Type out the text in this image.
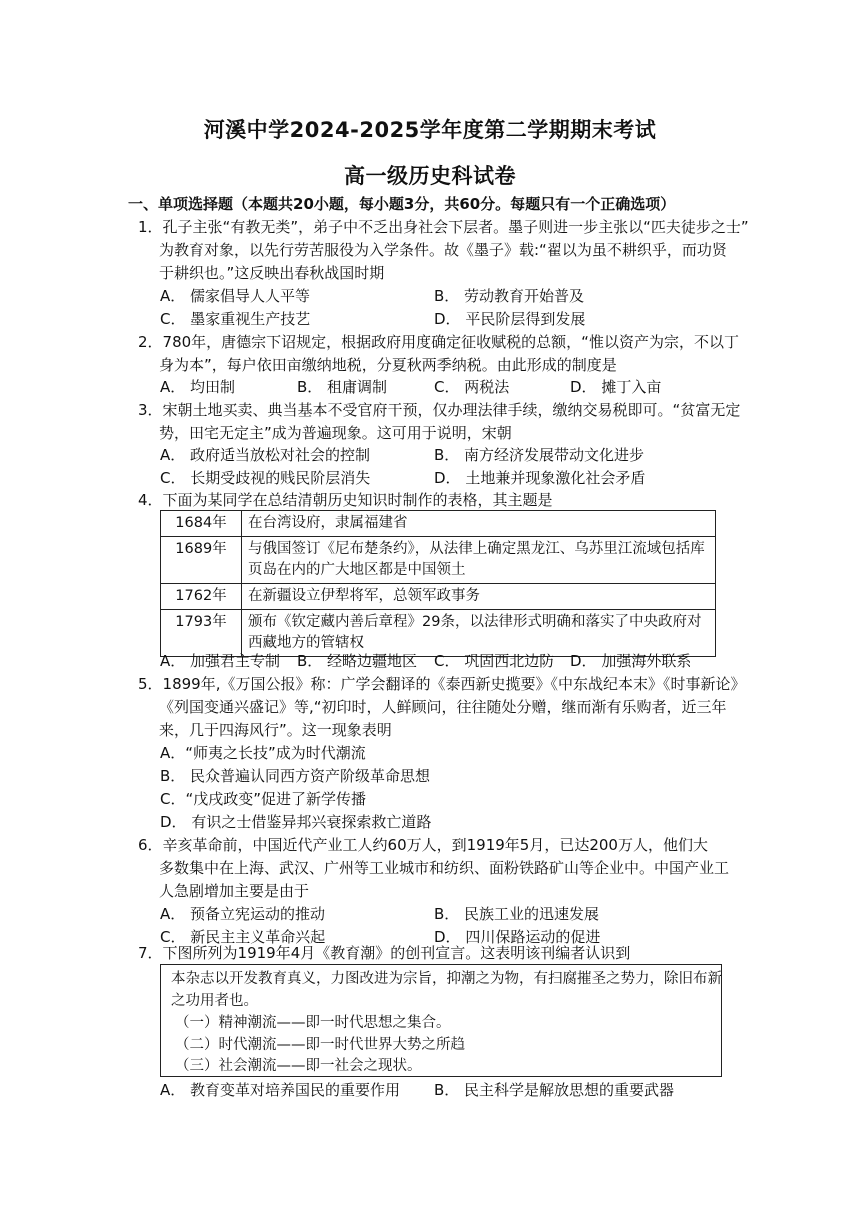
河溪中学2024-2025学年度第二学期期末考试
高一级历史科试卷
一、单项选择题（本题共20小题，每小题3分，共60分。每题只有一个正确选项）
1．孔子主张“有教无类”，弟子中不乏出身社会下层者。墨子则进一步主张以“匹夫徒步之士”
为教育对象，以先行劳苦服役为入学条件。故《墨子》载:“翟以为虽不耕织乎，而功贤
于耕织也。”这反映出春秋战国时期
A． 儒家倡导人人平等	B． 劳动教育开始普及
C． 墨家重视生产技艺	D． 平民阶层得到发展
2．780年，唐德宗下诏规定，根据政府用度确定征收赋税的总额，“惟以资产为宗，不以丁
身为本”，每户依田亩缴纳地税，分夏秋两季纳税。由此形成的制度是
A． 均田制	B． 租庸调制	C． 两税法	D． 摊丁入亩
3．宋朝土地买卖、典当基本不受官府干预，仅办理法律手续，缴纳交易税即可。“贫富无定
势，田宅无定主”成为普遍现象。这可用于说明，宋朝
A． 政府适当放松对社会的控制	B． 南方经济发展带动文化进步
C． 长期受歧视的贱民阶层消失	D． 土地兼并现象激化社会矛盾
4．下面为某同学在总结清朝历史知识时制作的表格，其主题是
1684年	在台湾设府，隶属福建省
1689年	与俄国签订《尼布楚条约》，从法律上确定黑龙江、乌苏里江流域包括库
页岛在内的广大地区都是中国领土
1762年	在新疆设立伊犁将军，总领军政事务
1793年	颁布《钦定藏内善后章程》29条，以法律形式明确和落实了中央政府对
西藏地方的管辖权
A． 加强君主专制 B． 经略边疆地区 C． 巩固西北边防 D． 加强海外联系
5．1899年,《万国公报》称：广学会翻译的《泰西新史揽要》《中东战纪本末》《时事新论》
《列国变通兴盛记》等,“初印时，人鲜顾问，往往随处分赠，继而渐有乐购者，近三年
来，几于四海风行”。这一现象表明
A．“师夷之长技”成为时代潮流
B． 民众普遍认同西方资产阶级革命思想
C．“戊戌政变”促进了新学传播
D． 有识之士借鉴异邦兴衰探索救亡道路
6．辛亥革命前，中国近代产业工人约60万人，到1919年5月，已达200万人，他们大
多数集中在上海、武汉、广州等工业城市和纺织、面粉铁路矿山等企业中。中国产业工
人急剧增加主要是由于
A． 预备立宪运动的推动	B． 民族工业的迅速发展
C． 新民主主义革命兴起	D． 四川保路运动的促进
7．下图所列为1919年4月《教育潮》的创刊宣言。这表明该刊编者认识到
本杂志以开发教育真义，力图改进为宗旨，抑潮之为物，有扫腐摧圣之势力，除旧布新
之功用者也。
（一）精神潮流——即一时代思想之集合。
（二）时代潮流——即一时代世界大势之所趋
（三）社会潮流——即一社会之现状。
A． 教育变革对培养国民的重要作用 B． 民主科学是解放思想的重要武器
